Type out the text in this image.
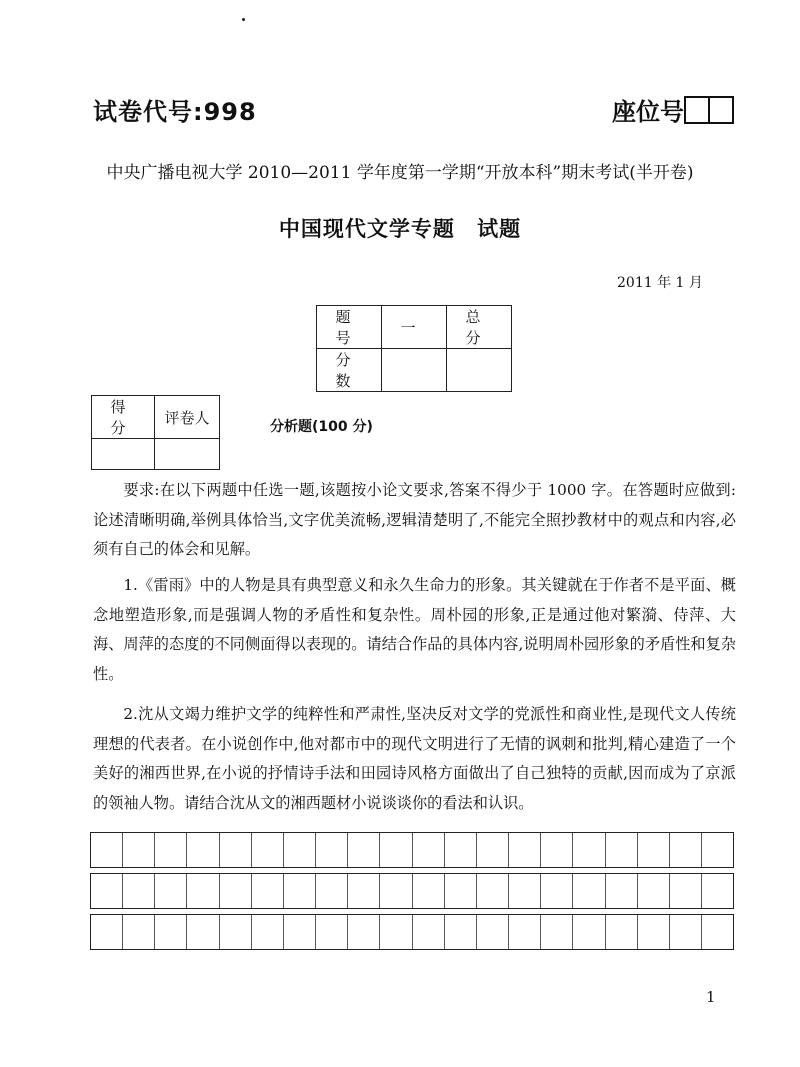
试卷代号:998	座位号
中央广播电视大学 2010—2011 学年度第一学期“开放本科”期末考试(半开卷)
中国现代文学专题 试题
2011 年 1 月
题 号	一	总 分
分 数		
得 分	评卷人

分析题(100 分)

要求:在以下两题中任选一题,该题按小论文要求,答案不得少于 1000 字。在答题时应做到:论述清晰明确,举例具体恰当,文字优美流畅,逻辑清楚明了,不能完全照抄教材中的观点和内容,必须有自己的体会和见解。

1.《雷雨》中的人物是具有典型意义和永久生命力的形象。其关键就在于作者不是平面、概念地塑造形象,而是强调人物的矛盾性和复杂性。周朴园的形象,正是通过他对繁漪、侍萍、大海、周萍的态度的不同侧面得以表现的。请结合作品的具体内容,说明周朴园形象的矛盾性和复杂性。

2.沈从文竭力维护文学的纯粹性和严肃性,坚决反对文学的党派性和商业性,是现代文人传统理想的代表者。在小说创作中,他对都市中的现代文明进行了无情的讽刺和批判,精心建造了一个美好的湘西世界,在小说的抒情诗手法和田园诗风格方面做出了自己独特的贡献,因而成为了京派的领袖人物。请结合沈从文的湘西题材小说谈谈你的看法和认识。

1
